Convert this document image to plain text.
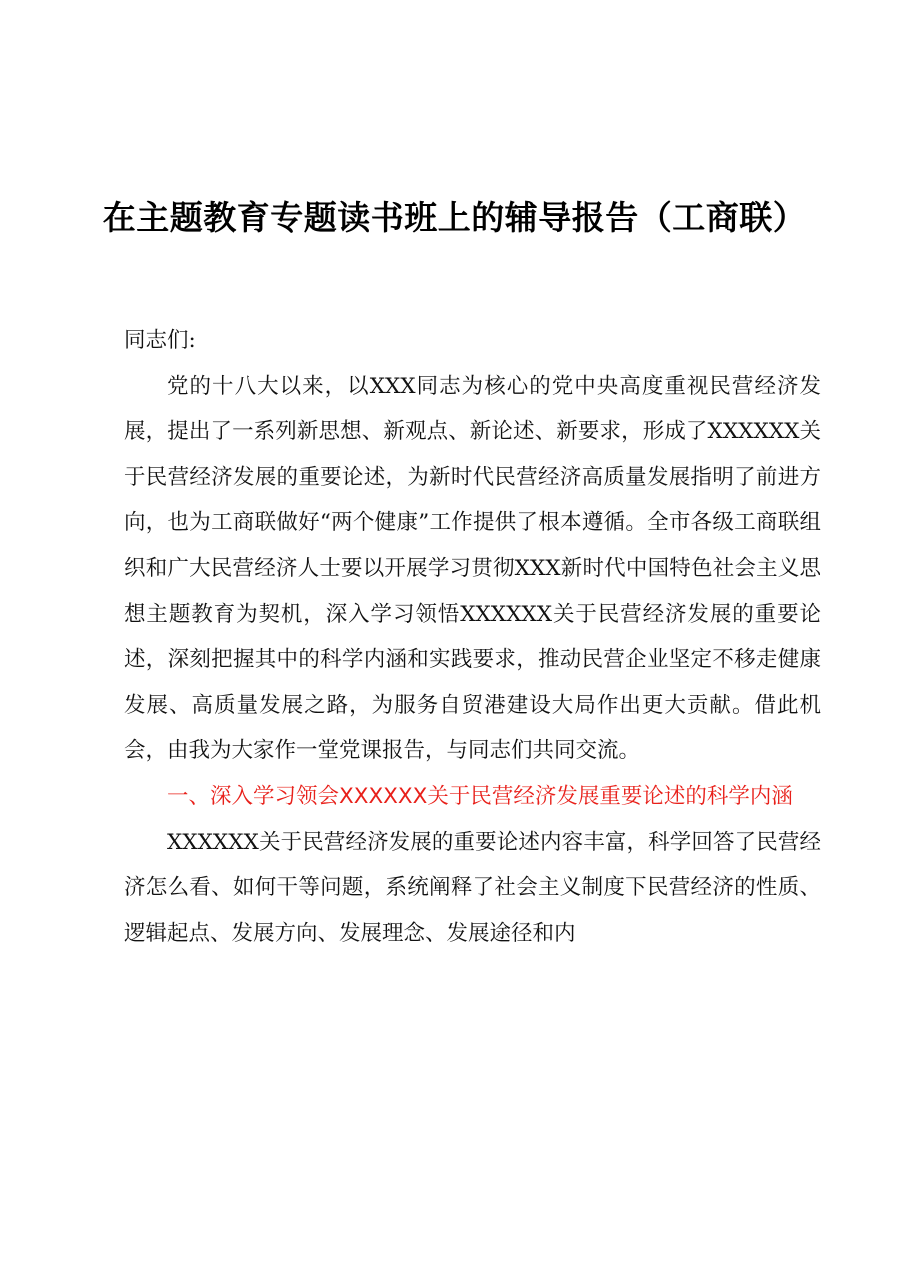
在主题教育专题读书班上的辅导报告（工商联）

同志们:

党的十八大以来，以XXX同志为核心的党中央高度重视民营经济发展，提出了一系列新思想、新观点、新论述、新要求，形成了XXXXXX关于民营经济发展的重要论述，为新时代民营经济高质量发展指明了前进方向，也为工商联做好“两个健康”工作提供了根本遵循。全市各级工商联组织和广大民营经济人士要以开展学习贯彻XXX新时代中国特色社会主义思想主题教育为契机，深入学习领悟XXXXXX关于民营经济发展的重要论述，深刻把握其中的科学内涵和实践要求，推动民营企业坚定不移走健康发展、高质量发展之路，为服务自贸港建设大局作出更大贡献。借此机会，由我为大家作一堂党课报告，与同志们共同交流。

一、深入学习领会XXXXXX关于民营经济发展重要论述的科学内涵

XXXXXX关于民营经济发展的重要论述内容丰富，科学回答了民营经济怎么看、如何干等问题，系统阐释了社会主义制度下民营经济的性质、逻辑起点、发展方向、发展理念、发展途径和内
